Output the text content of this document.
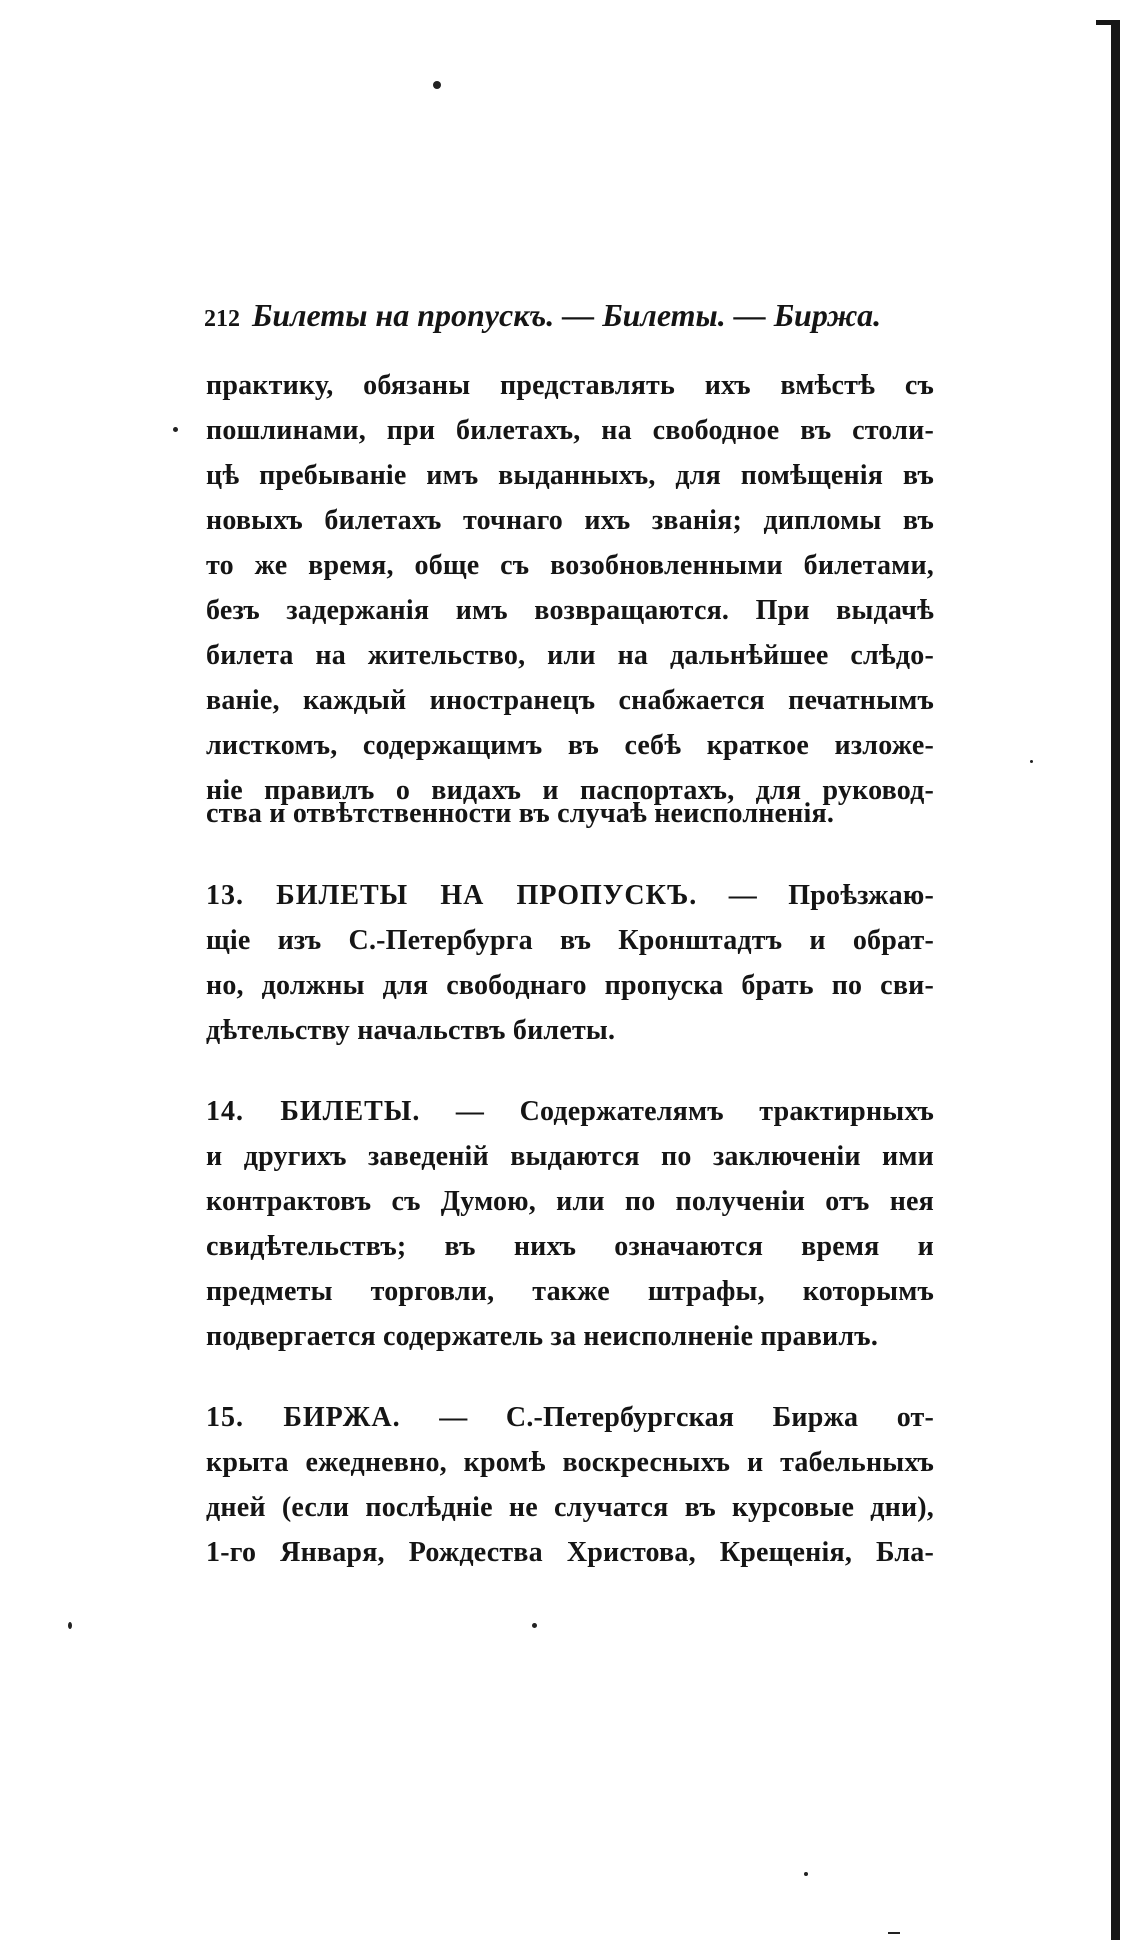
212 Билеты на пропускъ. — Билеты. — Биржа.
практику, обязаны представлять ихъ вмѣстѣ съ
пошлинами, при билетахъ, на свободное въ столи-
цѣ пребываніе имъ выданныхъ, для помѣщенія въ
новыхъ билетахъ точнаго ихъ званія; дипломы въ
то же время, обще съ возобновленными билетами,
безъ задержанія имъ возвращаются. При выдачѣ
билета на жительство, или на дальнѣйшее слѣдо-
ваніе, каждый иностранецъ снабжается печатнымъ
листкомъ, содержащимъ въ себѣ краткое изложе-
ніе правилъ о видахъ и паспортахъ, для руковод-
ства и отвѣтственности въ случаѣ неисполненія.
13. БИЛЕТЫ НА ПРОПУСКЪ. — Проѣзжаю-
щіе изъ С.-Петербурга въ Кронштадтъ и обрат-
но, должны для свободнаго пропуска брать по сви-
дѣтельству начальствъ билеты.
14. БИЛЕТЫ. — Содержателямъ трактирныхъ
и другихъ заведеній выдаются по заключеніи ими
контрактовъ съ Думою, или по полученіи отъ нея
свидѣтельствъ; въ нихъ означаются время и
предметы торговли, также штрафы, которымъ
подвергается содержатель за неисполненіе правилъ.
15. БИРЖА. — С.-Петербургская Биржа от-
крыта ежедневно, кромѣ воскресныхъ и табельныхъ
дней (если послѣдніе не случатся въ курсовые дни),
1-го Января, Рождества Христова, Крещенія, Бла-
